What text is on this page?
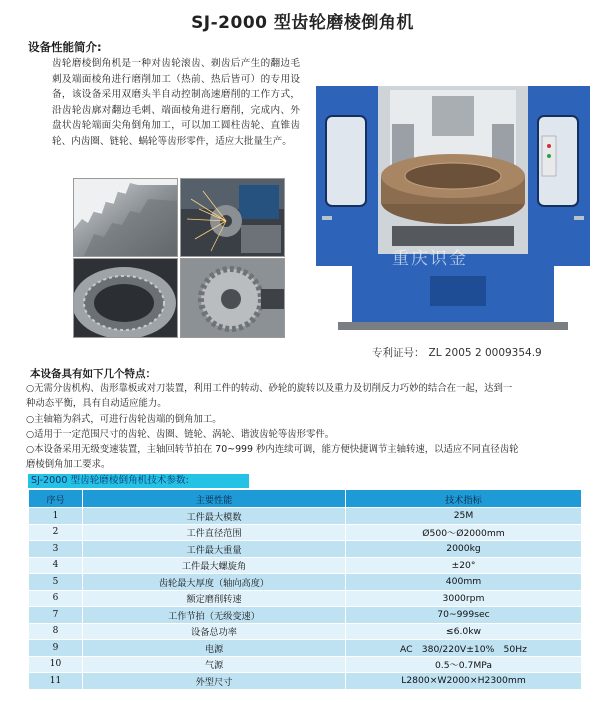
SJ-2000 型齿轮磨棱倒角机
设备性能简介:
齿轮磨棱倒角机是一种对齿轮滚齿、剃齿后产生的翻边毛刺及端面棱角进行磨削加工（热前、热后皆可）的专用设备，该设备采用双磨头半自动控制高速磨削的工作方式，沿齿轮齿廓对翻边毛刺、端面棱角进行磨削，完成内、外盘状齿轮端面尖角倒角加工，可以加工圆柱齿轮、直锥齿轮、内齿圈、链轮、蜗轮等齿形零件，适应大批量生产。
重庆识金
专利证号： ZL 2005 2 0009354.9
本设备具有如下几个特点：
○无需分齿机构、齿形靠板或对刀装置，利用工件的转动、砂轮的旋转以及重力及切削反力巧妙的结合在一起，达到一
种动态平衡，具有自动适应能力。
○主轴箱为斜式，可进行齿轮齿端的倒角加工。
○适用于一定范围尺寸的齿轮、齿圈、链轮、涡轮、谐波齿轮等齿形零件。
○本设备采用无级变速装置，主轴回转节拍在 70~999 秒内连续可调，能方便快捷调节主轴转速，以适应不同直径齿轮
磨棱倒角加工要求。
SJ-2000 型齿轮磨棱倒角机技术参数:
序号	主要性能	技术指标
1	工件最大模数	25M
2	工件直径范围	Ø500～Ø2000mm
3	工件最大重量	2000kg
4	工件最大螺旋角	±20°
5	齿轮最大厚度（轴向高度）	400mm
6	额定磨削转速	3000rpm
7	工作节拍（无级变速）	70~999sec
8	设备总功率	≤6.0kw
9	电源	AC　380/220V±10%　50Hz
10	气源	0.5～0.7MPa
11	外型尺寸	L2800×W2000×H2300mm
